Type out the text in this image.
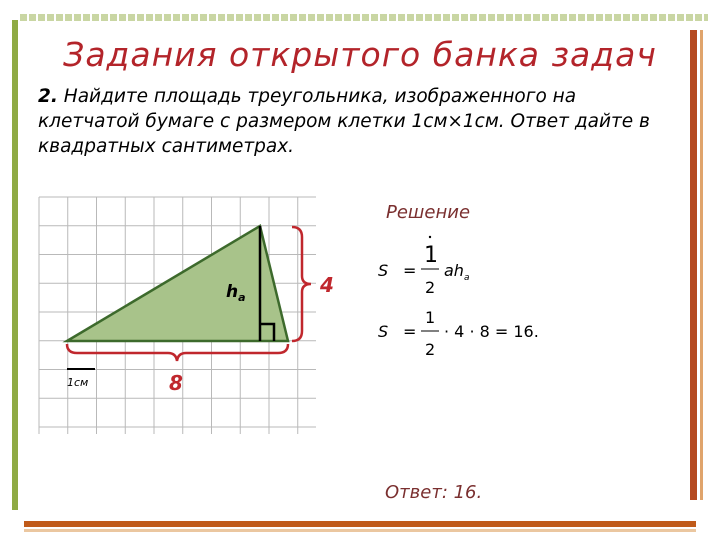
Задания открытого банка задач
2. Найдите площадь треугольника, изображенного на клетчатой бумаге с размером клетки 1см×1см. Ответ дайте в квадратных сантиметрах.
$h_a$
4
8
1см
S =
1
2
$ah_a$
S =
1
2
· 4 · 8 = 16.
Решение
Ответ: 16.
